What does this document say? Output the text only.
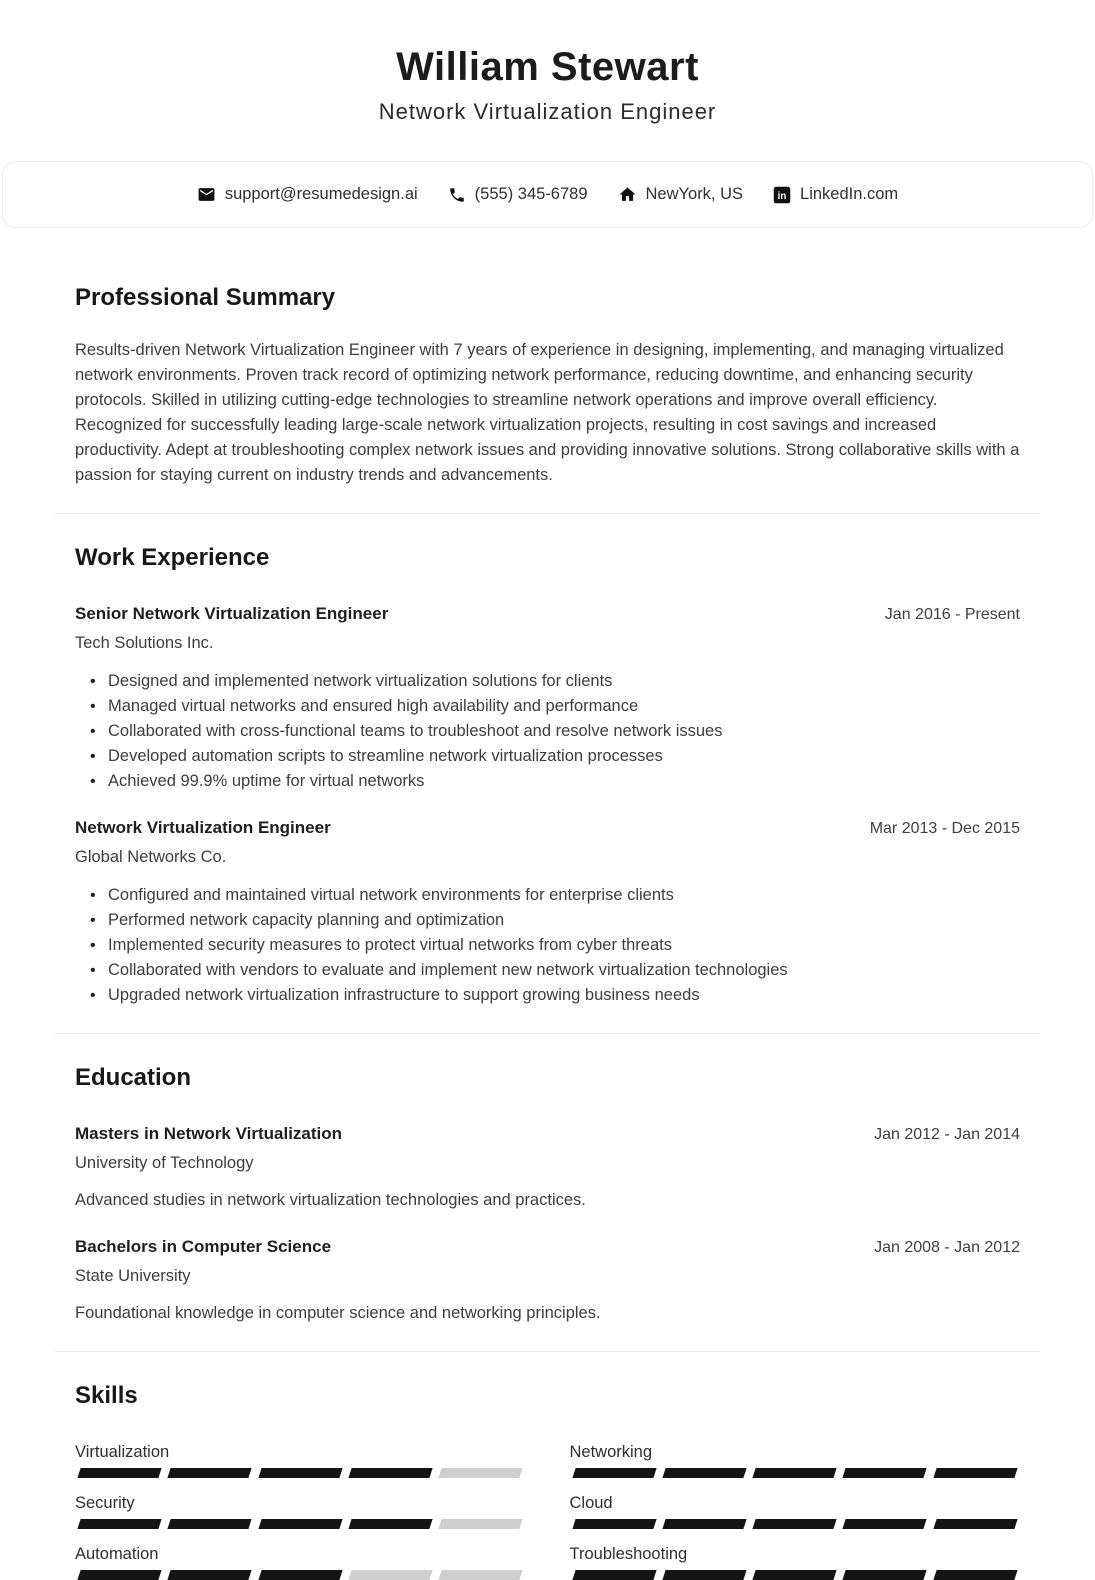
William Stewart
Network Virtualization Engineer
support@resumedesign.ai	(555) 345-6789	NewYork, US	in LinkedIn.com
Professional Summary

Results-driven Network Virtualization Engineer with 7 years of experience in designing, implementing, and managing virtualized network environments. Proven track record of optimizing network performance, reducing downtime, and enhancing security protocols. Skilled in utilizing cutting-edge technologies to streamline network operations and improve overall efficiency. Recognized for successfully leading large-scale network virtualization projects, resulting in cost savings and increased productivity. Adept at troubleshooting complex network issues and providing innovative solutions. Strong collaborative skills with a passion for staying current on industry trends and advancements.

Work Experience
Senior Network Virtualization Engineer	Jan 2016 - Present
Tech Solutions Inc.
• Designed and implemented network virtualization solutions for clients
• Managed virtual networks and ensured high availability and performance
• Collaborated with cross-functional teams to troubleshoot and resolve network issues
• Developed automation scripts to streamline network virtualization processes
• Achieved 99.9% uptime for virtual networks
Network Virtualization Engineer	Mar 2013 - Dec 2015
Global Networks Co.
• Configured and maintained virtual network environments for enterprise clients
• Performed network capacity planning and optimization
• Implemented security measures to protect virtual networks from cyber threats
• Collaborated with vendors to evaluate and implement new network virtualization technologies
• Upgraded network virtualization infrastructure to support growing business needs
Education
Masters in Network Virtualization	Jan 2012 - Jan 2014
University of Technology

Advanced studies in network virtualization technologies and practices.

Bachelors in Computer Science	Jan 2008 - Jan 2012
State University

Foundational knowledge in computer science and networking principles.

Skills
Virtualization	Networking
Security	Cloud
Automation	Troubleshooting
